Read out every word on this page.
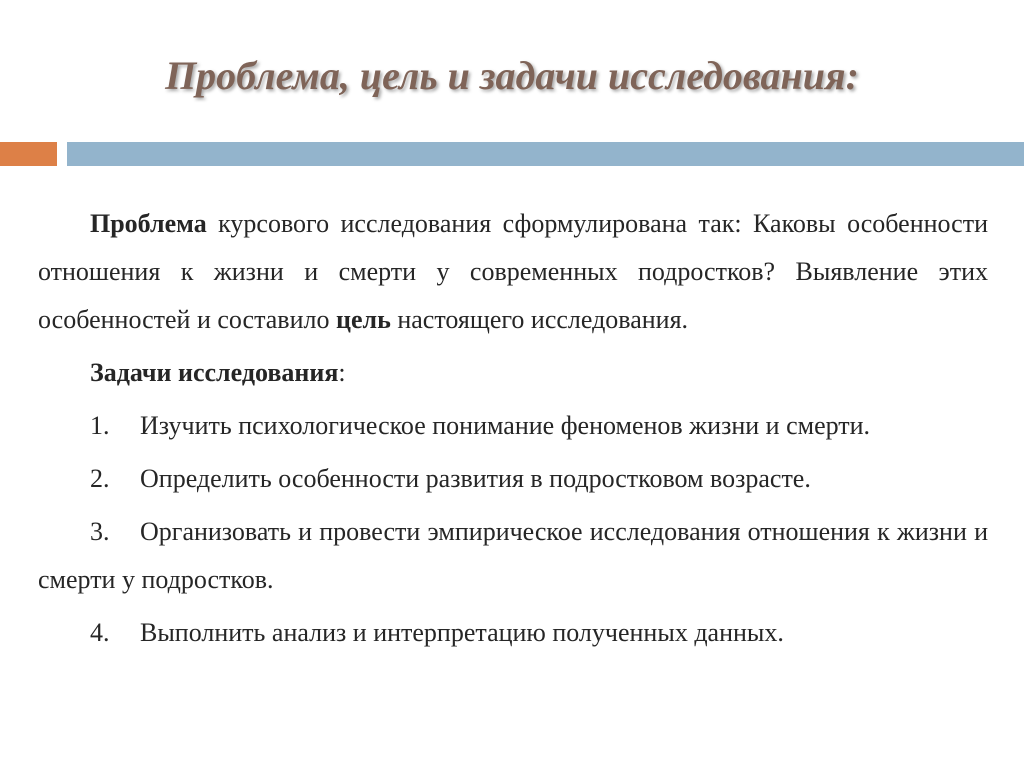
Проблема, цель и задачи исследования:

Проблема курсового исследования сформулирована так: Каковы особенности отношения к жизни и смерти у современных подростков? Выявление этих особенностей и составило цель настоящего исследования.

Задачи исследования:

1. Изучить психологическое понимание феноменов жизни и смерти.

2. Определить особенности развития в подростковом возрасте.

3. Организовать и провести эмпирическое исследования отношения к жизни и смерти у подростков.

4. Выполнить анализ и интерпретацию полученных данных.
